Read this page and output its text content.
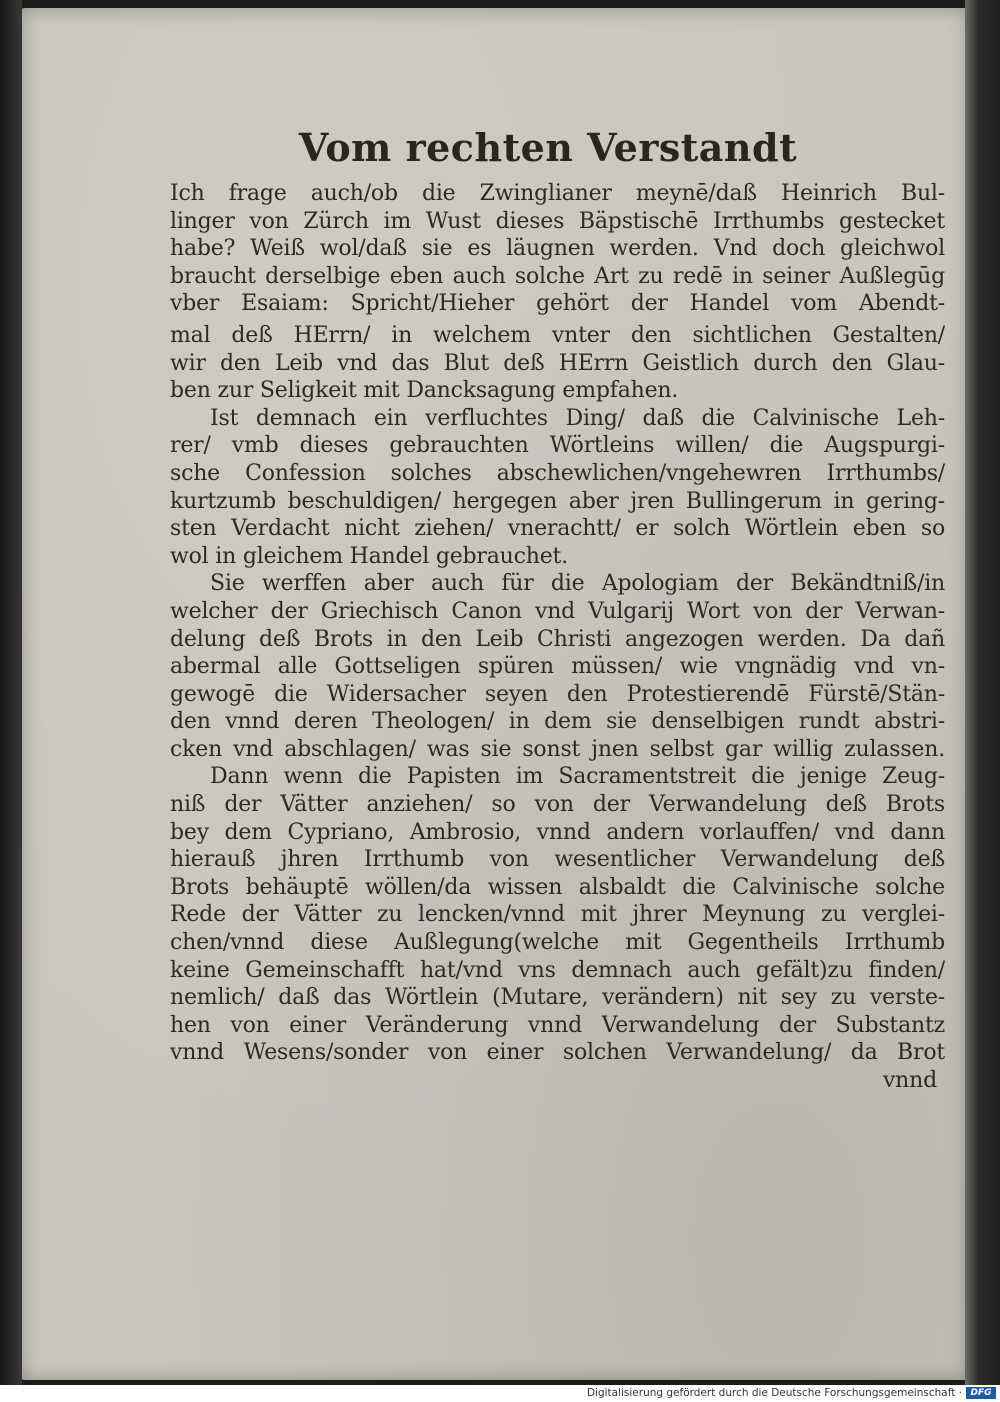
Vom rechten Verstandt
Ich frage auch/ob die Zwinglianer meynē/daß Heinrich Bul-
linger von Zürch im Wust dieses Bäpstischē Irrthumbs gestecket
habe? Weiß wol/daß sie es läugnen werden. Vnd doch gleichwol
braucht derselbige eben auch solche Art zu redē in seiner Außlegūg
vber Esaiam: Spricht/Hieher gehört der Handel vom Abendt-
mal deß HErrn/ in welchem vnter den sichtlichen Gestalten/
wir den Leib vnd das Blut deß HErrn Geistlich durch den Glau-
ben zur Seligkeit mit Dancksagung empfahen.
Ist demnach ein verfluchtes Ding/ daß die Calvinische Leh-
rer/ vmb dieses gebrauchten Wörtleins willen/ die Augspurgi-
sche Confession solches abschewlichen/vngehewren Irrthumbs/
kurtzumb beschuldigen/ hergegen aber jren Bullingerum in gering-
sten Verdacht nicht ziehen/ vnerachtt/ er solch Wörtlein eben so
wol in gleichem Handel gebrauchet.
Sie werffen aber auch für die Apologiam der Bekändtniß/in
welcher der Griechisch Canon vnd Vulgarij Wort von der Verwan-
delung deß Brots in den Leib Christi angezogen werden. Da dañ
abermal alle Gottseligen spüren müssen/ wie vngnädig vnd vn-
gewogē die Widersacher seyen den Protestierendē Fürstē/Stän-
den vnnd deren Theologen/ in dem sie denselbigen rundt abstri-
cken vnd abschlagen/ was sie sonst jnen selbst gar willig zulassen.
Dann wenn die Papisten im Sacramentstreit die jenige Zeug-
niß der Vätter anziehen/ so von der Verwandelung deß Brots
bey dem Cypriano, Ambrosio, vnnd andern vorlauffen/ vnd dann
hierauß jhren Irrthumb von wesentlicher Verwandelung deß
Brots behäuptē wöllen/da wissen alsbaldt die Calvinische solche
Rede der Vätter zu lencken/vnnd mit jhrer Meynung zu verglei-
chen/vnnd diese Außlegung(welche mit Gegentheils Irrthumb
keine Gemeinschafft hat/vnd vns demnach auch gefält)zu finden/
nemlich/ daß das Wörtlein (Mutare, verändern) nit sey zu verste-
hen von einer Veränderung vnnd Verwandelung der Substantz
vnnd Wesens/sonder von einer solchen Verwandelung/ da Brot
vnnd
Digitalisierung gefördert durch die Deutsche Forschungsgemeinschaft · DFG
